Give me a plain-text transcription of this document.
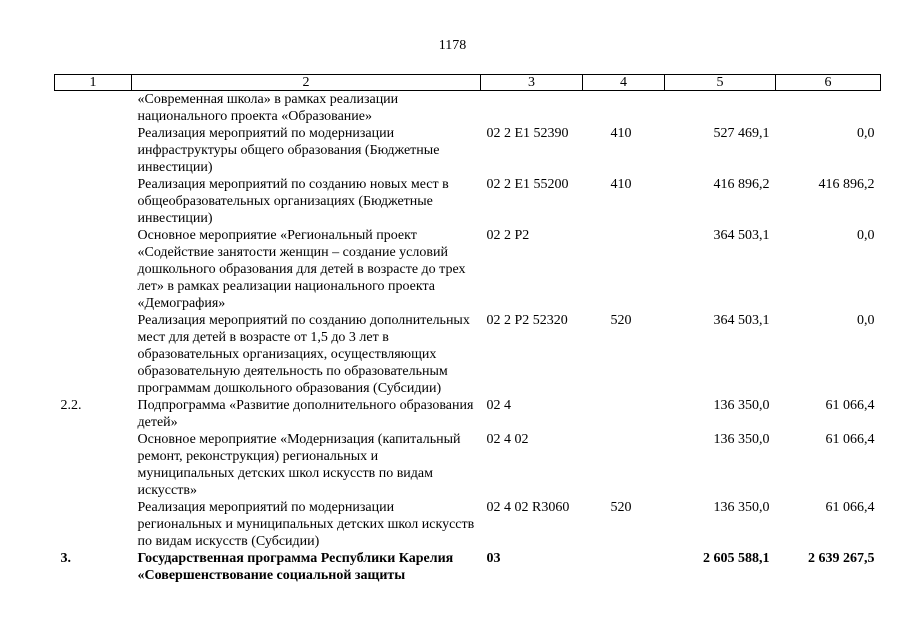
1178
1	2	3	4	5	6
	«Современная школа» в рамках реализации национального проекта «Образование»				
	Реализация мероприятий по модернизации инфраструктуры общего образования (Бюджетные инвестиции)	02 2 E1 52390	410	527 469,1	0,0
	Реализация мероприятий по созданию новых мест в общеобразовательных организациях (Бюджетные инвестиции)	02 2 E1 55200	410	416 896,2	416 896,2
	Основное мероприятие «Региональный проект «Содействие занятости женщин – создание условий дошкольного образования для детей в возрасте до трех лет» в рамках реализации национального проекта «Демография»	02 2 P2		364 503,1	0,0
	Реализация мероприятий по созданию дополнительных мест для детей в возрасте от 1,5 до 3 лет в образовательных организациях, осуществляющих образовательную деятельность по образовательным программам дошкольного образования (Субсидии)	02 2 P2 52320	520	364 503,1	0,0
2.2.	Подпрограмма «Развитие дополнительного образования детей»	02 4		136 350,0	61 066,4
	Основное мероприятие «Модернизация (капитальный ремонт, реконструкция) региональных и муниципальных детских школ искусств по видам искусств»	02 4 02		136 350,0	61 066,4
	Реализация мероприятий по модернизации региональных и муниципальных детских школ искусств по видам искусств (Субсидии)	02 4 02 R3060	520	136 350,0	61 066,4
3.	Государственная программа Республики Карелия «Совершенствование социальной защиты	03		2 605 588,1	2 639 267,5
